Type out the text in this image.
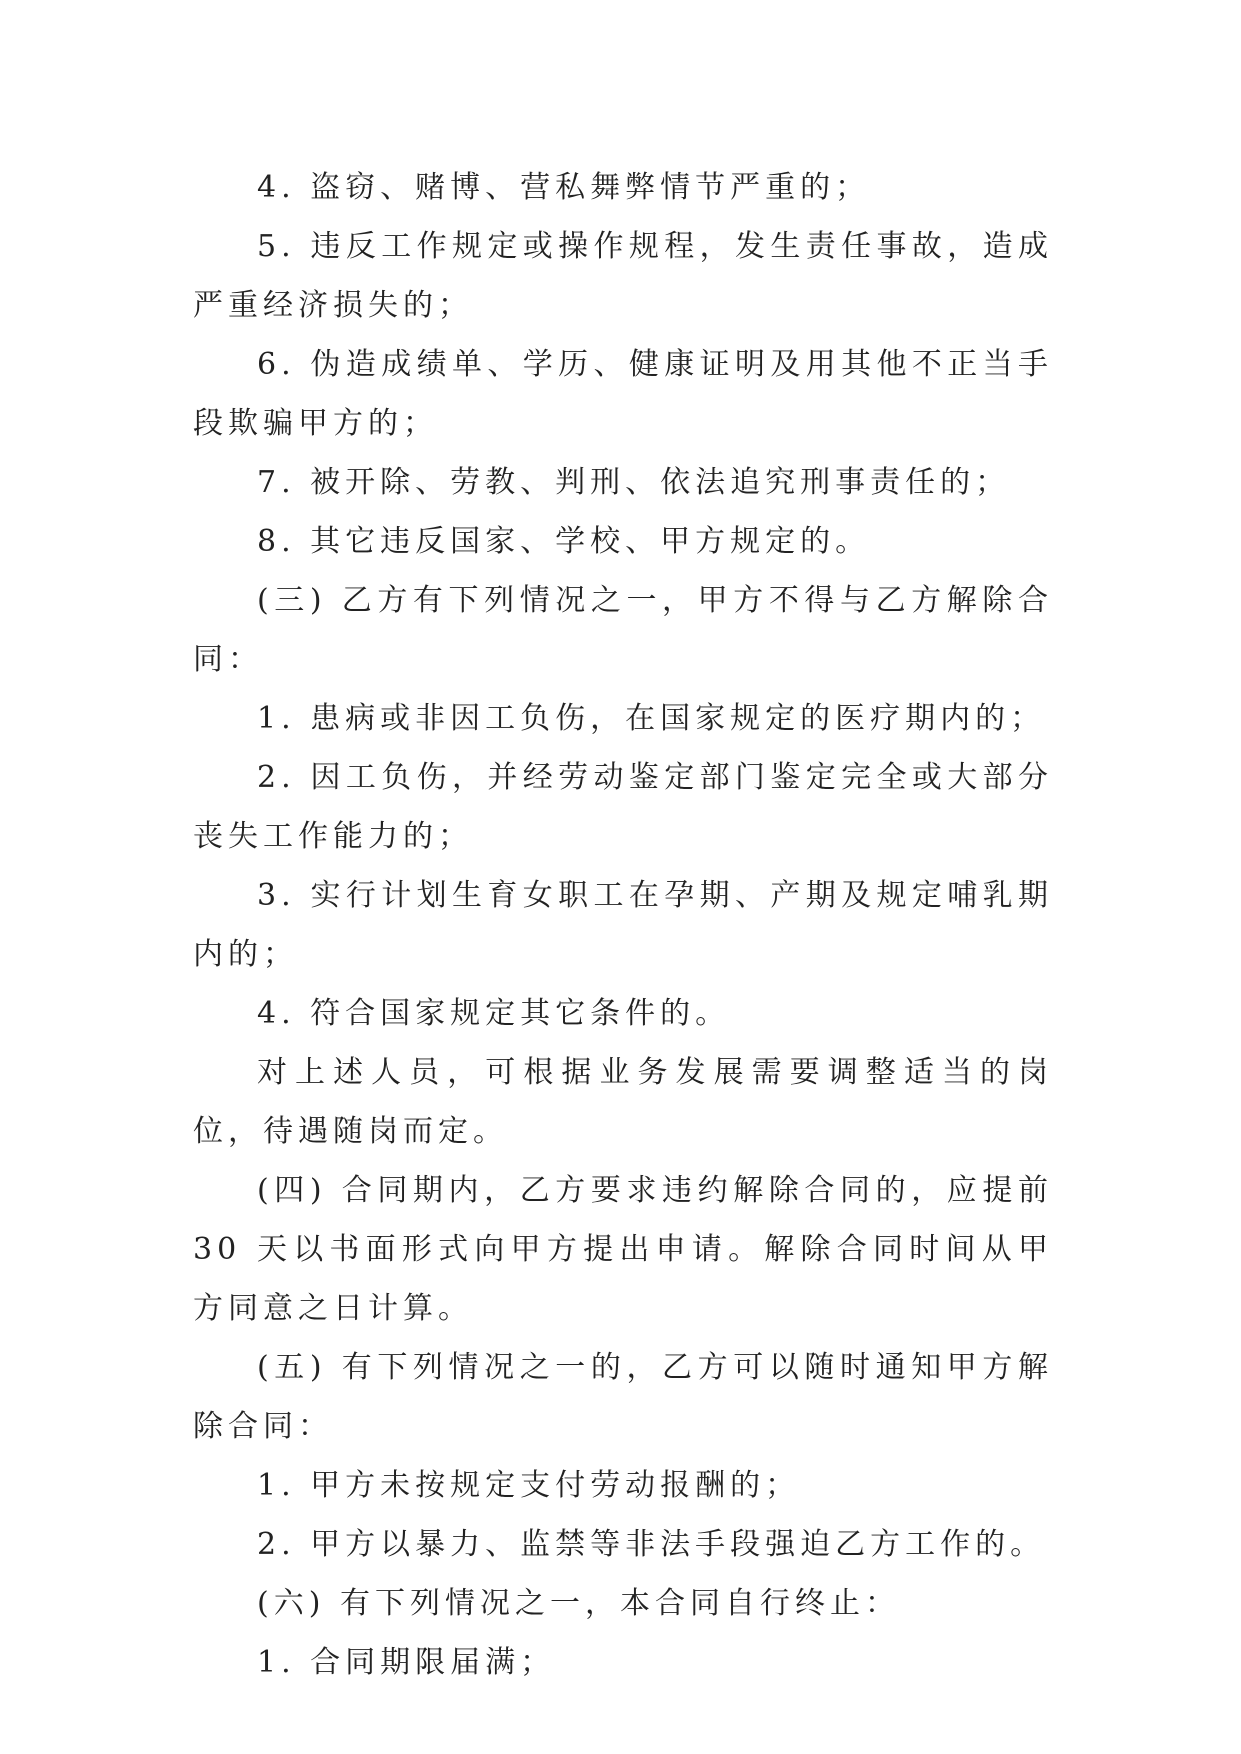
4. 盗窃、赌博、营私舞弊情节严重的；

5. 违反工作规定或操作规程，发生责任事故，造成严重经济损失的；

6. 伪造成绩单、学历、健康证明及用其他不正当手段欺骗甲方的；

7. 被开除、劳教、判刑、依法追究刑事责任的；

8. 其它违反国家、学校、甲方规定的。

(三) 乙方有下列情况之一，甲方不得与乙方解除合同：

1. 患病或非因工负伤，在国家规定的医疗期内的；

2. 因工负伤，并经劳动鉴定部门鉴定完全或大部分丧失工作能力的；

3. 实行计划生育女职工在孕期、产期及规定哺乳期内的；

4. 符合国家规定其它条件的。

对上述人员，可根据业务发展需要调整适当的岗位，待遇随岗而定。

(四) 合同期内，乙方要求违约解除合同的，应提前 30 天以书面形式向甲方提出申请。解除合同时间从甲方同意之日计算。

(五) 有下列情况之一的，乙方可以随时通知甲方解除合同：

1. 甲方未按规定支付劳动报酬的；

2. 甲方以暴力、监禁等非法手段强迫乙方工作的。

(六) 有下列情况之一，本合同自行终止：

1. 合同期限届满；
